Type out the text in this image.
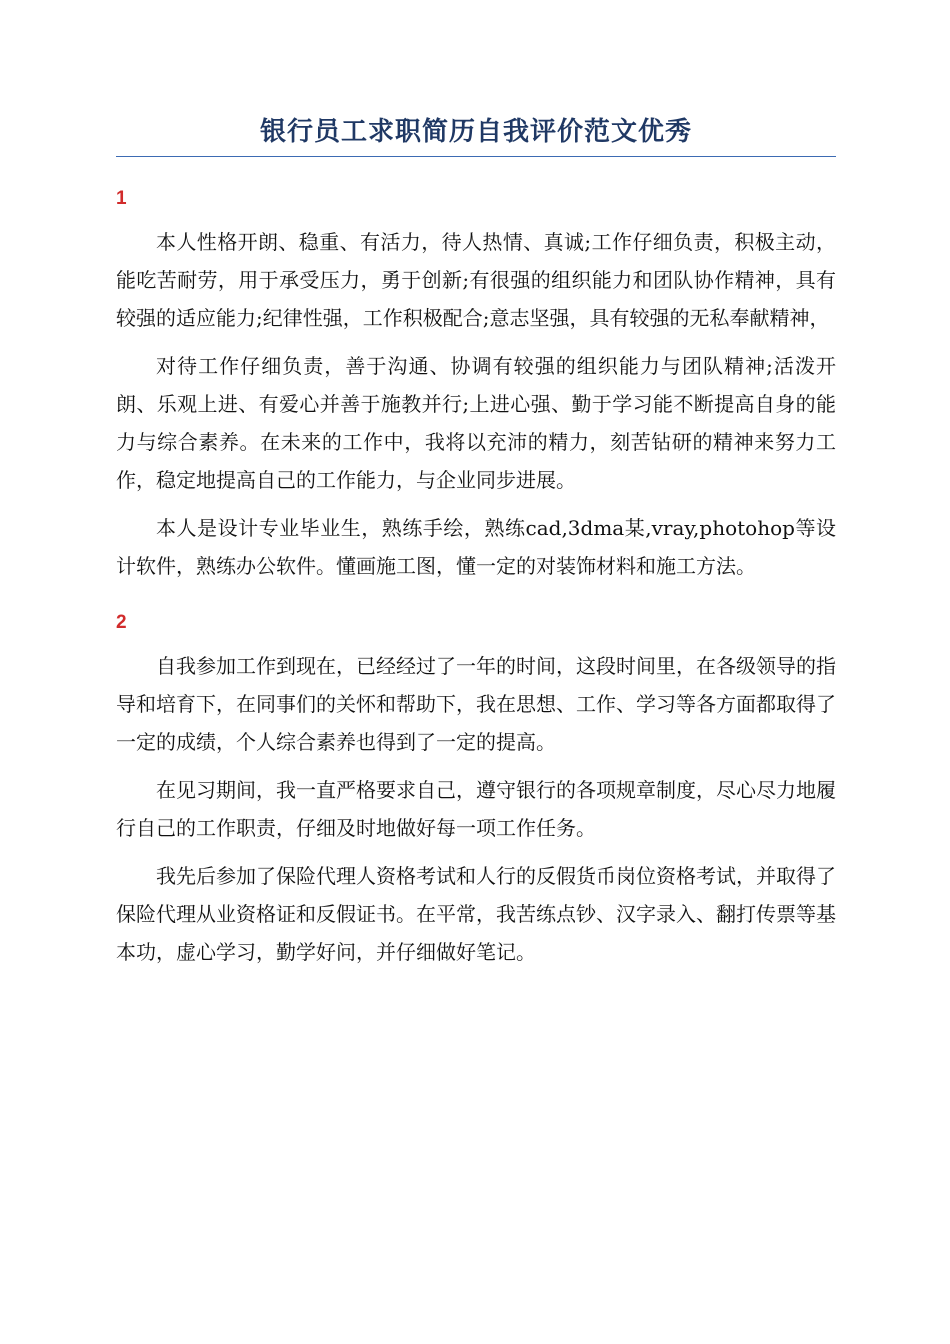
银行员工求职简历自我评价范文优秀
1

本人性格开朗、稳重、有活力，待人热情、真诚;工作仔细负责，积极主动，能吃苦耐劳，用于承受压力，勇于创新;有很强的组织能力和团队协作精神，具有较强的适应能力;纪律性强，工作积极配合;意志坚强，具有较强的无私奉献精神，

对待工作仔细负责，善于沟通、协调有较强的组织能力与团队精神;活泼开朗、乐观上进、有爱心并善于施教并行;上进心强、勤于学习能不断提高自身的能力与综合素养。在未来的工作中，我将以充沛的精力，刻苦钻研的精神来努力工作，稳定地提高自己的工作能力，与企业同步进展。

本人是设计专业毕业生，熟练手绘，熟练cad,3dma某,vray,photohop等设计软件，熟练办公软件。懂画施工图，懂一定的对装饰材料和施工方法。

2

自我参加工作到现在，已经经过了一年的时间，这段时间里，在各级领导的指导和培育下，在同事们的关怀和帮助下，我在思想、工作、学习等各方面都取得了一定的成绩，个人综合素养也得到了一定的提高。

在见习期间，我一直严格要求自己，遵守银行的各项规章制度，尽心尽力地履行自己的工作职责，仔细及时地做好每一项工作任务。

我先后参加了保险代理人资格考试和人行的反假货币岗位资格考试，并取得了保险代理从业资格证和反假证书。在平常，我苦练点钞、汉字录入、翻打传票等基本功，虚心学习，勤学好问，并仔细做好笔记。
